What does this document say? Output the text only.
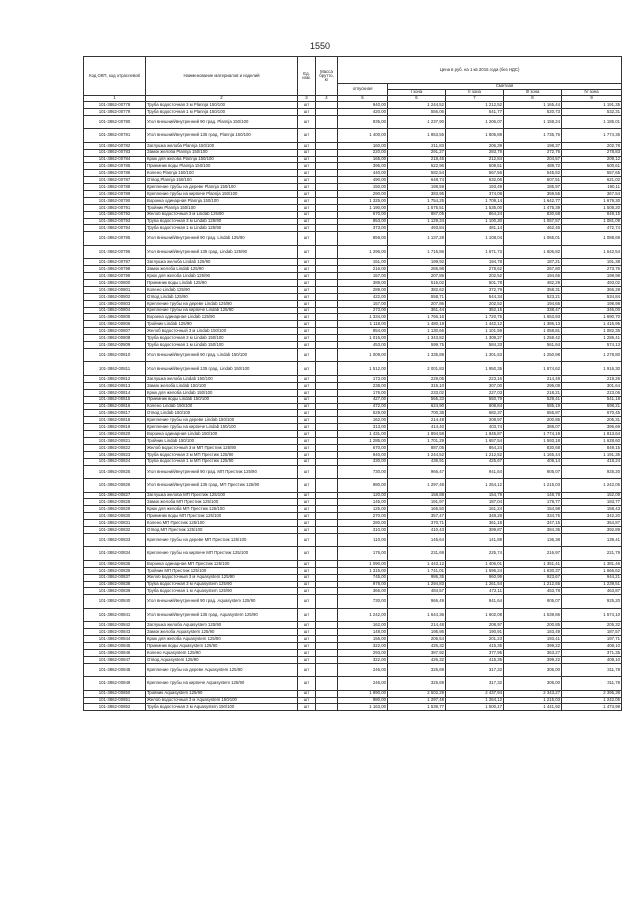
1550
Код ОКП, код отраслевой	Наименование материалов и изделий	Ед. изм.	Масса брутто, кг	Цена в руб. на 1 кв 2016 года (без НДС)				
				отпускная	Сметная			
					I зона	II зона	III зона	IV зона
1	2	3	4	5	6	7	8	9
101-3862-00778	Труба водосточная 3 м Plannja 150/100	шт		940,00	1 244,52	1 212,52	1 165,44	1 191,35
101-3862-00779	Труба водосточная 1 м Plannja 150/100	шт		420,00	556,06	541,77	520,73	532,31
101-3862-00780	Угол внешний/внутренний 90 град. Plannja 150/100	шт		935,00	1 237,90	1 206,07	1 159,24	1 185,01
101-3862-00781	Угол внешний/внутренний 135 град. Plannja 150/100	шт		1 400,00	1 853,55	1 805,88	1 735,76	1 774,35
101-3862-00782	Заглушка желоба Plannja 150/100	шт		160,00	211,83	206,39	198,37	202,78
101-3862-00783	Замок желоба Plannja 150/100	шт		220,00	291,27	283,78	272,76	278,83
101-3862-00784	Крюк для желоба Plannja 150/100	шт		165,00	218,45	212,84	204,57	209,12
101-3862-00785	Приемник воды Plannja 150/100	шт		395,00	522,96	509,51	489,72	500,61
101-3862-00786	Колено Plannja 150/100	шт		440,00	582,54	567,56	545,52	557,65
101-3862-00787	Отвод Plannja 150/100	шт		490,00	648,74	632,06	607,51	621,02
101-3862-00788	Крепление трубы на дереве Plannja 150/100	шт		150,00	198,59	193,49	185,97	190,11
101-3862-00789	Крепление трубы на кирпиче Plannja 150/100	шт		290,00	383,95	374,08	359,55	367,54
101-3862-00790	Воронка одинарная Plannja 150/100	шт		1 325,00	1 754,25	1 709,14	1 642,77	1 679,30
101-3862-00791	Тройник Plannja 150/100	шт		1 190,00	1 575,51	1 535,00	1 475,39	1 508,20
101-3862-00792	Желоб водосточный 3 м Lindab 125/90	шт		670,00	887,05	864,24	830,68	849,15
101-3862-00793	Труба водосточная 3 м Lindab 125/90	шт		853,00	1 129,34	1 100,30	1 057,57	1 081,09
101-3862-00794	Труба водосточная 1 м Lindab 125/90	шт		373,00	493,84	481,14	462,46	472,74
101-3862-00795	Угол внешний/внутренний 90 град. Lindab 125/90	шт		859,00	1 137,28	1 108,04	1 065,01	1 088,69
101-3862-00796	Угол внешний/внутренний 135 град. Lindab 125/90	шт		1 296,00	1 715,86	1 671,73	1 606,82	1 642,54
101-3862-00797	Заглушка желоба Lindab 125/90	шт		151,00	199,92	194,78	187,21	191,38
101-3862-00798	Замок желоба Lindab 125/90	шт		216,00	285,98	278,62	267,80	273,76
101-3862-00799	Крюк для желоба Lindab 125/90	шт		157,00	207,86	202,52	194,65	198,98
101-3862-00800	Приемник воды Lindab 125/90	шт		389,00	515,02	501,78	482,29	493,02
101-3862-00801	Колено Lindab 125/90	шт		289,00	382,62	372,79	358,31	366,28
101-3862-00802	Отвод Lindab 125/90	шт		422,00	558,71	544,34	523,21	534,84
101-3862-00803	Крепление трубы на дереве Lindab 125/90	шт		157,00	207,86	202,52	194,65	198,98
101-3862-00804	Крепление трубы на кирпиче Lindab 125/90	шт		273,00	361,44	352,15	338,47	346,00
101-3862-00805	Воронка одинарная Lindab 125/90	шт		1 334,00	1 766,16	1 720,75	1 653,93	1 690,70
101-3862-00806	Тройник Lindab 125/90	шт		1 118,00	1 480,19	1 442,12	1 386,13	1 416,95
101-3862-00807	Желоб водосточный 3 м Lindab 150/100	шт		854,00	1 130,66	1 101,59	1 058,81	1 082,35
101-3862-00808	Труба водосточная 3 м Lindab 150/100	шт		1 015,00	1 343,82	1 309,27	1 258,42	1 286,41
101-3862-00809	Труба водосточная 1 м Lindab 150/100	шт		453,00	599,75	584,33	561,64	574,13
101-3862-00810	Угол внешний/внутренний 90 град. Lindab 150/100	шт		1 009,00	1 335,88	1 301,53	1 250,98	1 278,80
101-3862-00811	Угол внешний/внутренний 135 град. Lindab 150/100	шт		1 512,00	2 001,83	1 950,35	1 874,62	1 916,30
101-3862-00812	Заглушка желоба Lindab 150/100	шт		173,00	229,05	223,16	214,49	219,26
101-3862-00813	Замок желоба Lindab 150/100	шт		238,00	315,10	307,00	295,08	301,64
101-3862-00814	Крюк для желоба Lindab 150/100	шт		176,00	233,02	227,03	218,21	223,06
101-3862-00815	Приемник воды Lindab 150/100	шт		427,00	565,33	550,79	529,41	541,18
101-3862-00816	Колено Lindab 150/100	шт		472,00	624,90	608,84	585,19	598,21
101-3862-00817	Отвод Lindab 150/100	шт		529,00	700,38	682,37	655,87	670,45
101-3862-00818	Крепление трубы на дереве Lindab 150/100	шт		162,00	214,48	208,97	200,85	205,31
101-3862-00819	Крепление трубы на кирпиче Lindab 150/100	шт		313,00	414,40	403,74	388,07	396,69
101-3862-00820	Воронка одинарная Lindab 150/100	шт		1 431,00	1 894,58	1 845,87	1 774,19	1 813,64
101-3862-00821	Тройник Lindab 150/100	шт		1 285,00	1 701,29	1 657,54	1 593,18	1 628,60
101-3862-00822	Желоб водосточный 3 м МП Престиж 125/90	шт		670,00	887,05	864,24	830,68	849,15
101-3862-00823	Труба водосточная 3 м МП Престиж 125/90	шт		940,00	1 244,52	1 212,52	1 165,44	1 191,35
101-3862-00824	Труба водосточная 1 м МП Престиж 125/90	шт		330,00	436,91	425,67	409,14	418,24
101-3862-00825	Угол внешний/внутренний 90 град. МП Престиж 125/90	шт		730,00	966,47	941,64	905,07	925,20
101-3862-00826	Угол внешний/внутренний 135 град. МП Престиж 125/90	шт		980,00	1 297,48	1 264,12	1 215,03	1 242,05
101-3862-00827	Заглушка желоба МП Престиж 125/100	шт		120,00	158,88	154,79	148,78	152,09
101-3862-00828	Замок желоба МП Престиж 125/100	шт		145,00	191,97	187,04	179,77	183,77
101-3862-00829	Крюк для желоба МП Престиж 125/100	шт		125,00	165,50	161,24	154,98	158,43
101-3862-00830	Приемник воды МП Престиж 125/100	шт		270,00	357,47	348,28	334,75	342,20
101-3862-00831	Колено МП Престиж 125/100	шт		280,00	370,71	361,18	347,15	354,87
101-3862-00832	Отвод МП Престиж 125/100	шт		310,00	410,43	399,87	384,35	392,89
101-3862-00833	Крепление трубы на дереве МП Престиж 125/100	шт		110,00	145,64	141,89	136,38	139,41
101-3862-00834	Крепление трубы на кирпиче МП Престиж 125/100	шт		175,00	231,69	225,74	216,97	221,79
101-3862-00835	Воронка одинарная МП Престиж 125/100	шт		1 090,00	1 443,12	1 406,01	1 351,41	1 381,46
101-3862-00836	Тройник МП Престиж 125/100	шт		1 315,00	1 741,01	1 696,24	1 630,37	1 666,62
101-3862-00837	Желоб водосточный 3 м Aquasystem 125/90	шт		745,00	986,35	960,99	923,67	944,21
101-3862-00838	Труба водосточная 3 м Aquasystem 125/90	шт		978,00	1 294,83	1 261,54	1 212,55	1 239,51
101-3862-00839	Труба водосточная 1 м Aquasystem 125/90	шт		366,00	484,57	472,11	453,78	463,87
101-3862-00840	Угол внешний/внутренний 90 град. Aquasystem 125/90	шт		730,00	966,49	941,64	905,07	925,20
101-3862-00841	Угол внешний/внутренний 135 град. Aquasystem 125/90	шт		1 242,00	1 644,36	1 602,08	1 539,86	1 574,10
101-3862-00842	Заглушка желоба Aquasystem 125/90	шт		162,00	214,48	208,97	200,85	205,32
101-3862-00843	Замок желоба Aquasystem 125/90	шт		148,00	195,95	190,91	183,49	187,57
101-3862-00844	Крюк для желоба Aquasystem 125/90	шт		156,00	206,54	201,23	193,41	197,71
101-3862-00845	Приемник воды Aquasystem 125/90	шт		322,00	426,32	415,35	399,22	408,10
101-3862-00846	Колено Aquasystem 125/90	шт		293,00	387,92	377,95	363,27	371,35
101-3862-00847	Отвод Aquasystem 125/90	шт		322,00	426,32	415,35	399,22	408,10
101-3862-00848	Крепление трубы на дереве Aquasystem 125/90	шт		246,00	325,69	317,32	305,00	311,78
101-3862-00849	Крепление трубы на кирпиче Aquasystem 125/90	шт		246,00	325,69	317,32	305,00	311,78
101-3862-00850	Тройник Aquasystem 125/90	шт		1 890,00	2 502,29	2 437,94	2 343,27	2 395,38
101-3862-00851	Желоб водосточный 3 м Aquasystem 150/100	шт		980,00	1 297,48	1 264,12	1 215,03	1 242,05
101-3862-00852	Труба водосточная 3 м Aquasystem 150/100	шт		1 163,00	1 539,77	1 500,17	1 441,92	1 473,98
